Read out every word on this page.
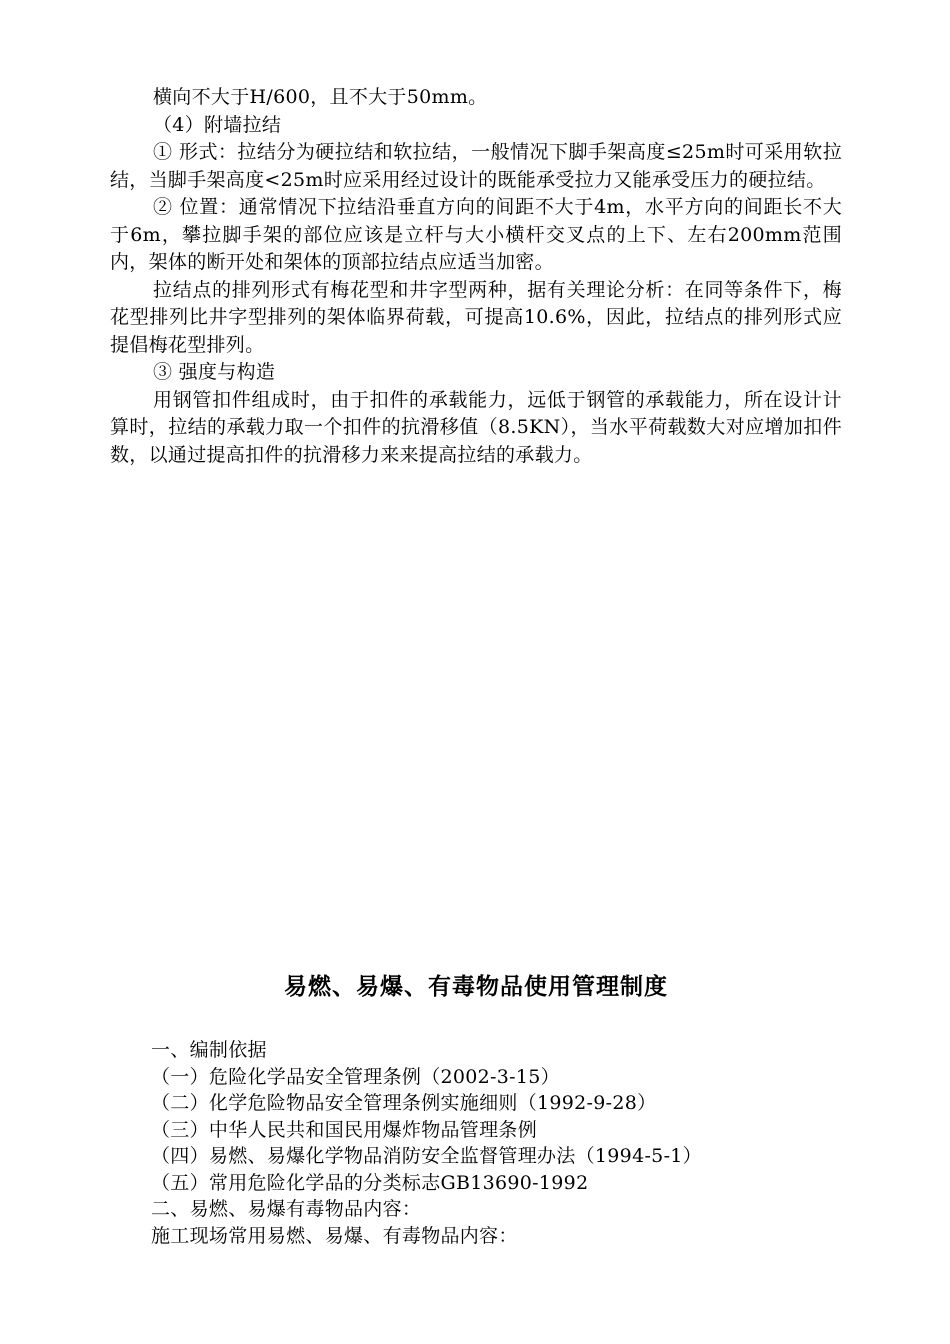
横向不大于H/600，且不大于50mm。

（4）附墙拉结

① 形式：拉结分为硬拉结和软拉结，一般情况下脚手架高度≤25m时可采用软拉结，当脚手架高度<25m时应采用经过设计的既能承受拉力又能承受压力的硬拉结。

② 位置：通常情况下拉结沿垂直方向的间距不大于4m，水平方向的间距长不大于6m，攀拉脚手架的部位应该是立杆与大小横杆交叉点的上下、左右200mm范围内，架体的断开处和架体的顶部拉结点应适当加密。

拉结点的排列形式有梅花型和井字型两种，据有关理论分析：在同等条件下，梅花型排列比井字型排列的架体临界荷载，可提高10.6%，因此，拉结点的排列形式应提倡梅花型排列。

③ 强度与构造

用钢管扣件组成时，由于扣件的承载能力，远低于钢管的承载能力，所在设计计算时，拉结的承载力取一个扣件的抗滑移值（8.5KN），当水平荷载数大对应增加扣件数，以通过提高扣件的抗滑移力来来提高拉结的承载力。

易燃、易爆、有毒物品使用管理制度

一、编制依据

（一）危险化学品安全管理条例（2002-3-15）

（二）化学危险物品安全管理条例实施细则（1992-9-28）

（三）中华人民共和国民用爆炸物品管理条例

（四）易燃、易爆化学物品消防安全监督管理办法（1994-5-1）

（五）常用危险化学品的分类标志GB13690-1992

二、易燃、易爆有毒物品内容：

施工现场常用易燃、易爆、有毒物品内容：
